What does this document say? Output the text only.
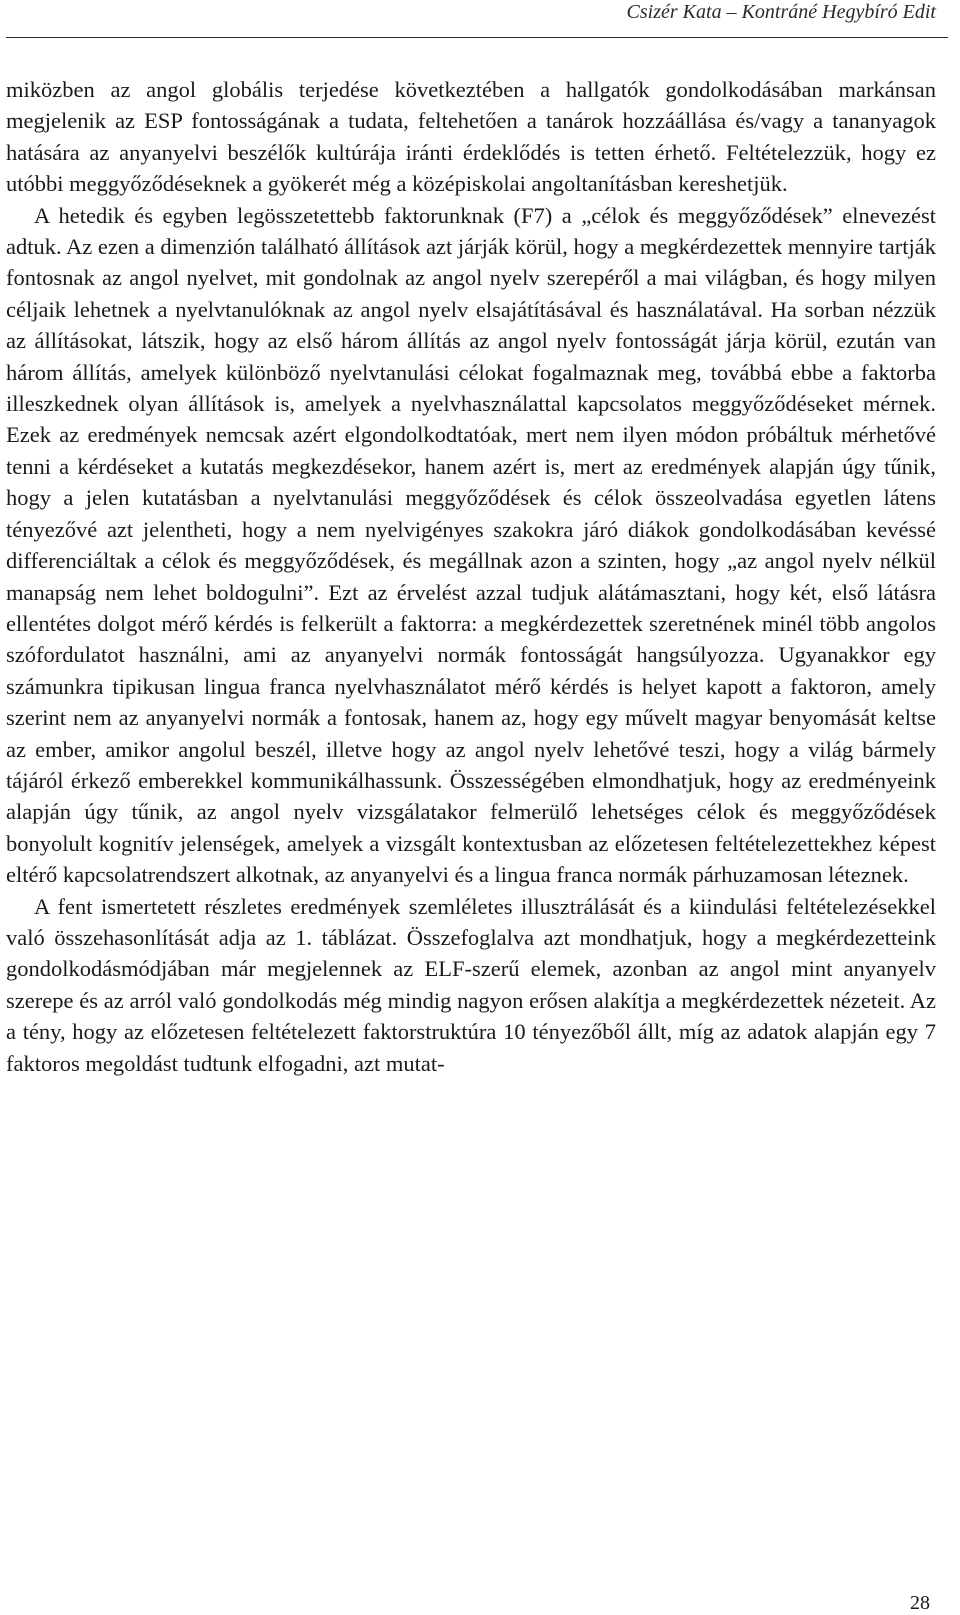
Csizér Kata – Kontráné Hegybíró Edit

miközben az angol globális terjedése következtében a hallgatók gondolkodásában markánsan megjelenik az ESP fontosságának a tudata, feltehetően a tanárok hozzáállása és/vagy a tananyagok hatására az anyanyelvi beszélők kultúrája iránti érdeklődés is tetten érhető. Feltételezzük, hogy ez utóbbi meggyőződéseknek a gyökerét még a középiskolai angoltanításban kereshetjük.

A hetedik és egyben legösszetettebb faktorunknak (F7) a „célok és meggyőződések” elnevezést adtuk. Az ezen a dimenzión található állítások azt járják körül, hogy a megkérdezettek mennyire tartják fontosnak az angol nyelvet, mit gondolnak az angol nyelv szerepéről a mai világban, és hogy milyen céljaik lehetnek a nyelvtanulóknak az angol nyelv elsajátításával és használatával. Ha sorban nézzük az állításokat, látszik, hogy az első három állítás az angol nyelv fontosságát járja körül, ezután van három állítás, amelyek különböző nyelvtanulási célokat fogalmaznak meg, továbbá ebbe a faktorba illeszkednek olyan állítások is, amelyek a nyelvhasználattal kapcsolatos meggyőződéseket mérnek. Ezek az eredmények nemcsak azért elgondolkodtatóak, mert nem ilyen módon próbáltuk mérhetővé tenni a kérdéseket a kutatás megkezdésekor, hanem azért is, mert az eredmények alapján úgy tűnik, hogy a jelen kutatásban a nyelvtanulási meggyőződések és célok összeolvadása egyetlen látens tényezővé azt jelentheti, hogy a nem nyelvigényes szakokra járó diákok gondolkodásában kevéssé differenciáltak a célok és meggyőződések, és megállnak azon a szinten, hogy „az angol nyelv nélkül manapság nem lehet boldogulni”. Ezt az érvelést azzal tudjuk alátámasztani, hogy két, első látásra ellentétes dolgot mérő kérdés is felkerült a faktorra: a megkérdezettek szeretnének minél több angolos szófordulatot használni, ami az anyanyelvi normák fontosságát hangsúlyozza. Ugyanakkor egy számunkra tipikusan lingua franca nyelvhasználatot mérő kérdés is helyet kapott a faktoron, amely szerint nem az anyanyelvi normák a fontosak, hanem az, hogy egy művelt magyar benyomását keltse az ember, amikor angolul beszél, illetve hogy az angol nyelv lehetővé teszi, hogy a világ bármely tájáról érkező emberekkel kommunikálhassunk. Összességében elmondhatjuk, hogy az eredményeink alapján úgy tűnik, az angol nyelv vizsgálatakor felmerülő lehetséges célok és meggyőződések bonyolult kognitív jelenségek, amelyek a vizsgált kontextusban az előzetesen feltételezettekhez képest eltérő kapcsolatrendszert alkotnak, az anyanyelvi és a lingua franca normák párhuzamosan léteznek.

A fent ismertetett részletes eredmények szemléletes illusztrálását és a kiindulási feltételezésekkel való összehasonlítását adja az 1. táblázat. Összefoglalva azt mondhatjuk, hogy a megkérdezetteink gondolkodásmódjában már megjelennek az ELF-szerű elemek, azonban az angol mint anyanyelv szerepe és az arról való gondolkodás még mindig nagyon erősen alakítja a megkérdezettek nézeteit. Az a tény, hogy az előzetesen feltételezett faktorstruktúra 10 tényezőből állt, míg az adatok alapján egy 7 faktoros megoldást tudtunk elfogadni, azt mutat-

28
